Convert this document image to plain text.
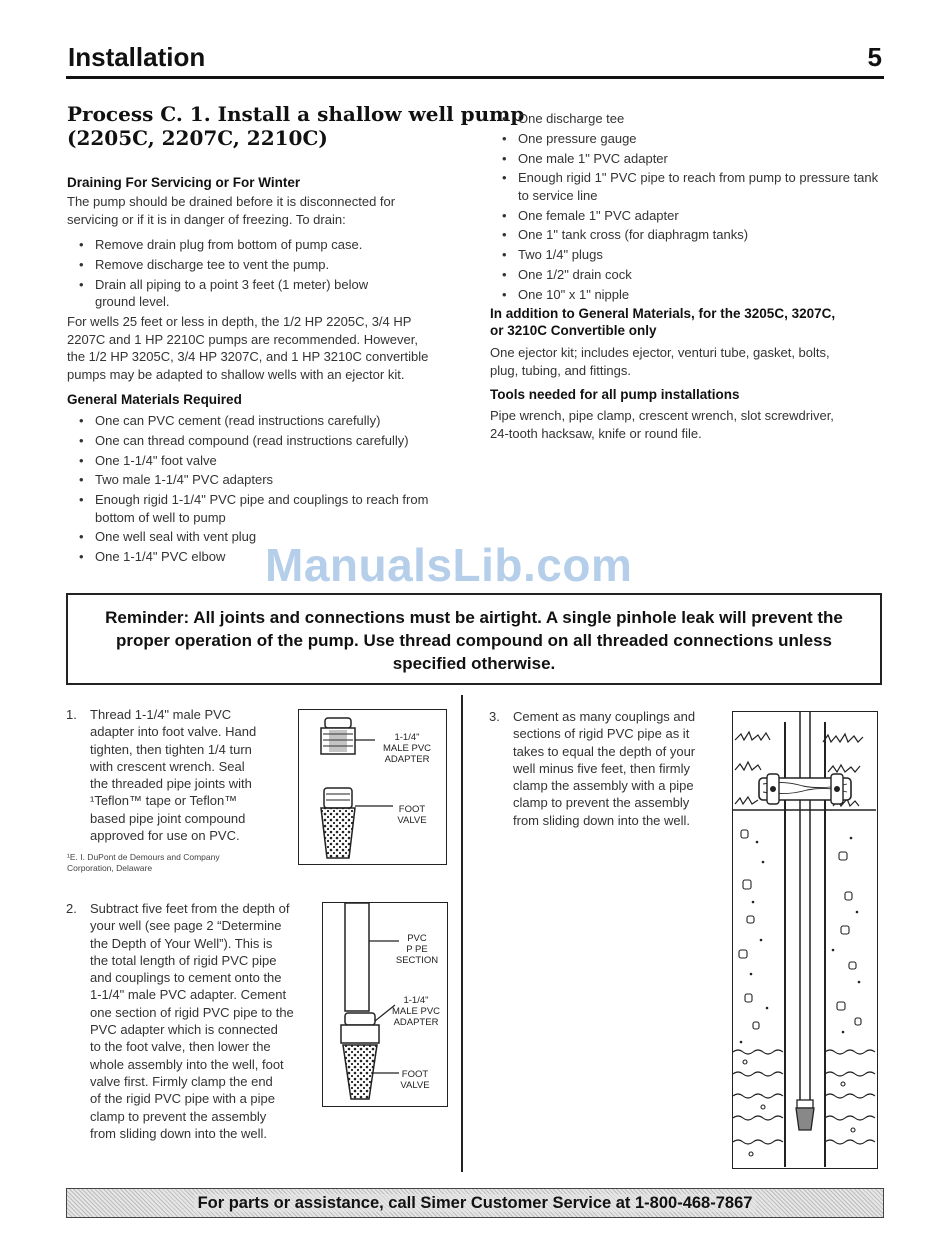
Installation	5
Process C. 1. Install a shallow well pump
(2205C, 2207C, 2210C)
Draining For Servicing or For Winter
The pump should be drained before it is disconnected for
servicing or if it is in danger of freezing. To drain:
• Remove drain plug from bottom of pump case.
• Remove discharge tee to vent the pump.
• Drain all piping to a point 3 feet (1 meter) below ground level.
For wells 25 feet or less in depth, the 1/2 HP 2205C, 3/4 HP
2207C and 1 HP 2210C pumps are recommended. However,
the 1/2 HP 3205C, 3/4 HP 3207C, and 1 HP 3210C convertible
pumps may be adapted to shallow wells with an ejector kit.
General Materials Required
• One can PVC cement (read instructions carefully)
• One can thread compound (read instructions carefully)
• One 1-1/4" foot valve
• Two male 1-1/4" PVC adapters
• Enough rigid 1-1/4" PVC pipe and couplings to reach from bottom of well to pump
• One well seal with vent plug
• One 1-1/4" PVC elbow
• One discharge tee
• One pressure gauge
• One male 1" PVC adapter
• Enough rigid 1" PVC pipe to reach from pump to pressure tank to service line
• One female 1" PVC adapter
• One 1" tank cross (for diaphragm tanks)
• Two 1/4" plugs
• One 1/2" drain cock
• One 10" x 1" nipple
In addition to General Materials, for the 3205C, 3207C,
or 3210C Convertible only
One ejector kit; includes ejector, venturi tube, gasket, bolts,
plug, tubing, and fittings.
Tools needed for all pump installations
Pipe wrench, pipe clamp, crescent wrench, slot screwdriver,
24-tooth hacksaw, knife or round file.
ManualsLib.com
Reminder: All joints and connections must be airtight. A single pinhole leak will prevent the
proper operation of the pump. Use thread compound on all threaded connections unless
specified otherwise.
1. Thread 1-1/4" male PVC
adapter into foot valve. Hand
tighten, then tighten 1/4 turn
with crescent wrench. Seal
the threaded pipe joints with
¹Teflon™ tape or Teflon™
based pipe joint compound
approved for use on PVC.
¹E. I. DuPont de Demours and Company
Corporation, Delaware
1-1/4"
MALE PVC
ADAPTER
FOOT
VALVE
2. Subtract five feet from the depth of
your well (see page 2 “Determine
the Depth of Your Well”). This is
the total length of rigid PVC pipe
and couplings to cement onto the
1-1/4" male PVC adapter. Cement
one section of rigid PVC pipe to the
PVC adapter which is connected
to the foot valve, then lower the
whole assembly into the well, foot
valve first. Firmly clamp the end
of the rigid PVC pipe with a pipe
clamp to prevent the assembly
from sliding down into the well.
PVC
P PE
SECTION
1-1/4"
MALE PVC
ADAPTER
FOOT
VALVE
3. Cement as many couplings and
sections of rigid PVC pipe as it
takes to equal the depth of your
well minus five feet, then firmly
clamp the assembly with a pipe
clamp to prevent the assembly
from sliding down into the well.
For parts or assistance, call Simer Customer Service at 1-800-468-7867
